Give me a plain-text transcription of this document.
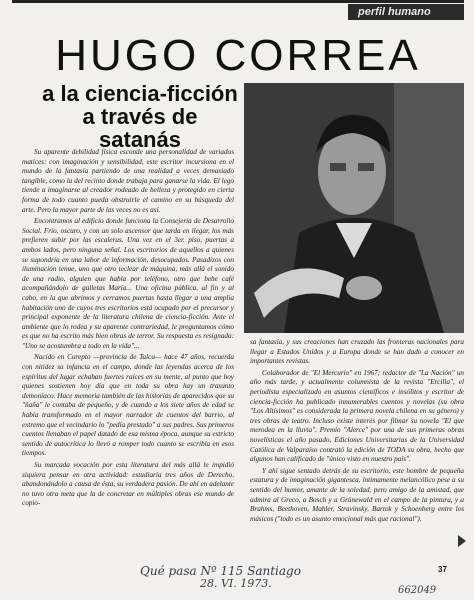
perfil humano
HUGO CORREA
a la ciencia-ficción
a través de
satanás

Su aparente debilidad física esconde una personalidad de variados matices: con imaginación y sensibilidad, este escritor incursiona en el mundo de la fantasía partiendo de una realidad a veces demasiado tangible, como la del recinto donde trabaja para ganarse la vida. El lego tiende a imaginarse al creador rodeado de belleza y protegido en cierta forma de todo cuanto pueda obstruirle el camino en su búsqueda del arte. Pero la mayor parte de las veces no es así.

Encontramos al edificio donde funciona la Consejería de Desarrollo Social. Frío, oscuro, y con un solo ascensor que tarda en llegar, los más prefieren subir por las escaleras. Una vez en el 3er. piso, puertas a ambos lados, pero ninguna señal. Los escritorios de aquellos a quienes se supondría en una labor de información, desocupados. Pasadizos con iluminación tenue, uno que otro teclear de máquina, más allá el sonido de una radio, alguien que habla por teléfono, otro que bebe café acompañándolo de galletas María... Una oficina pública, al fin y al cabo, en la que abrimos y cerramos puertas hasta llegar a una amplia habitación uno de cuyos tres escritorios está ocupado por el precursor y principal exponente de la literatura chilena de ciencia-ficción. Ante el ambiente que lo rodea y su aparente contrariedad, le preguntamos cómo es que no ha escrito más bien obras de terror. Su respuesta es resignada: "Uno se acostumbra a todo en la vida"...

Nacido en Curepto —provincia de Talca— hace 47 años, recuerda con nitidez su infancia en el campo, donde las leyendas acerca de los espíritus del lugar echaban fuertes raíces en su mente, al punto que hoy quienes sostienen hoy día que en toda su obra hay un trasunto demoníaco. Hace memoria también de las historias de aparecidos que su "ñaña" le contaba de pequeño, y de cuando a los siete años de edad se había transformado en el mayor narrador de cuentos del barrio, al extremo que el vecindario lo "pedía prestado" a sus padres. Sus primeros cuentos llenaban el papel datado de esa misma época, aunque su estricto sentido de autocrítica lo llevó a romper todo cuanto se escribía en esos tiempos.

Su marcada vocación por esta literatura del más allá le impidió siquiera pensar en otra actividad: estudiaría tres años de Derecho, abandonándolo a causa de ésta, su verdadera pasión. De ahí en adelante no tuvo otra meta que la de concretar en múltiples obras ese mundo de copio-

sa fantasía, y sus creaciones han cruzado las fronteras nacionales para llegar a Estados Unidos y a Europa donde se han dado a conocer en importantes revistas.

Colaborador de "El Mercurio" en 1967; redactor de "La Nación" un año más tarde, y actualmente columnista de la revista "Ercilla", el periodista especializado en asuntos científicos e insólitos y escritor de ciencia-ficción ha publicado innumerables cuentos y novelas (su obra "Los Altísimos" es considerada la primera novela chilena en su género) y tres obras de teatro. Incluso existe interés por filmar su novela "El que merodea en la lluvia". Premio "Alerce" por una de sus primeras obras novelísticas el año pasado, Ediciones Universitarias de la Universidad Católica de Valparaíso contrató la edición de TODA su obra, hecho que algunos han calificado de "único visto en nuestro país".

Y ahí sigue sentado detrás de su escritorio, este hombre de pequeña estatura y de imaginación gigantesca, íntimamente melancólico pese a su sentido del humor, amante de la soledad, pero amigo de la amistad, que admira al Greco, a Bosch y a Grünewald en el campo de la pintura, y a Brahms, Beethoven, Mahler, Stravinsky, Bartok y Schoenberg entre los músicos ("todo es un asunto emocional más que racional").

37
Qué pasa Nº 115 Santiago
28. VI. 1973.
662049
